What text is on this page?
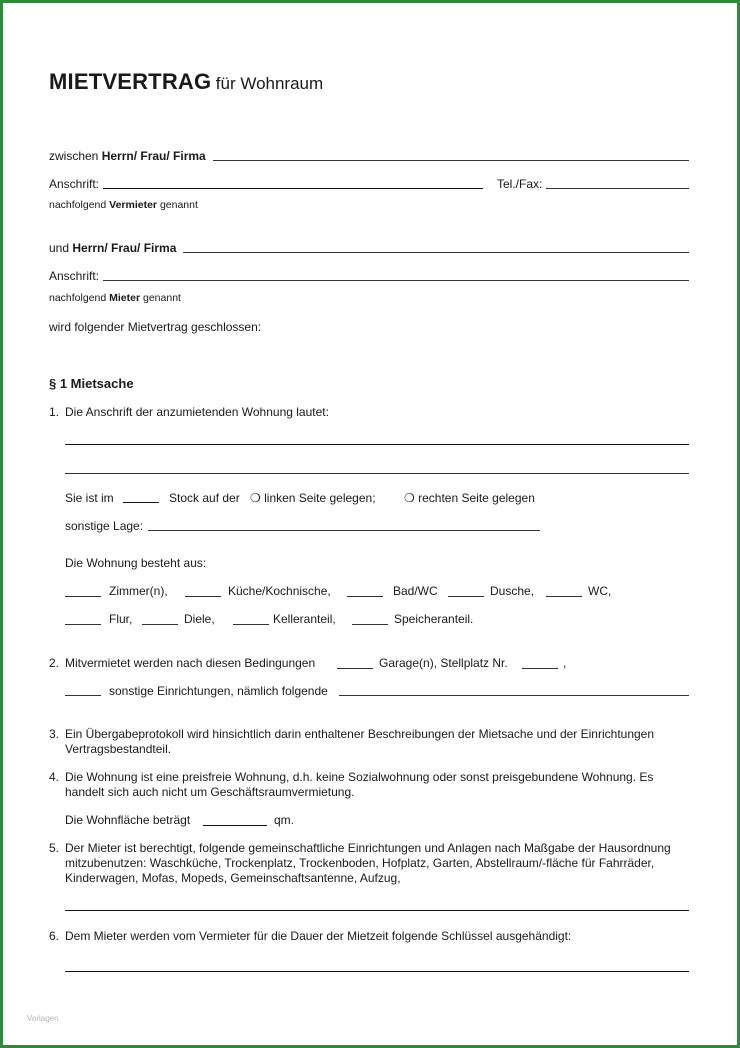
MIETVERTRAG für Wohnraum
zwischen Herrn/ Frau/ Firma
Anschrift:	Tel./Fax:
nachfolgend Vermieter genannt
und Herrn/ Frau/ Firma
Anschrift:
nachfolgend Mieter genannt
wird folgender Mietvertrag geschlossen:
§ 1 Mietsache
1. Die Anschrift der anzumietenden Wohnung lautet:
Sie ist im	Stock auf der ❍ linken Seite gelegen; ❍ rechten Seite gelegen
sonstige Lage:
Die Wohnung besteht aus:
Zimmer(n),	Küche/Kochnische,	Bad/WC	Dusche,	WC,
Flur,	Diele,	Kelleranteil,	Speicheranteil.
2. Mitvermietet werden nach diesen Bedingungen	Garage(n), Stellplatz Nr.	,
sonstige Einrichtungen, nämlich folgende
3. Ein Übergabeprotokoll wird hinsichtlich darin enthaltener Beschreibungen der Mietsache und der Einrichtungen
Vertragsbestandteil.
4. Die Wohnung ist eine preisfreie Wohnung, d.h. keine Sozialwohnung oder sonst preisgebundene Wohnung. Es
handelt sich auch nicht um Geschäftsraumvermietung.
Die Wohnfläche beträgt	qm.
5. Der Mieter ist berechtigt, folgende gemeinschaftliche Einrichtungen und Anlagen nach Maßgabe der Hausordnung
mitzubenutzen: Waschküche, Trockenplatz, Trockenboden, Hofplatz, Garten, Abstellraum/-fläche für Fahrräder,
Kinderwagen, Mofas, Mopeds, Gemeinschaftsantenne, Aufzug,
6. Dem Mieter werden vom Vermieter für die Dauer der Mietzeit folgende Schlüssel ausgehändigt:
Vorlagen
